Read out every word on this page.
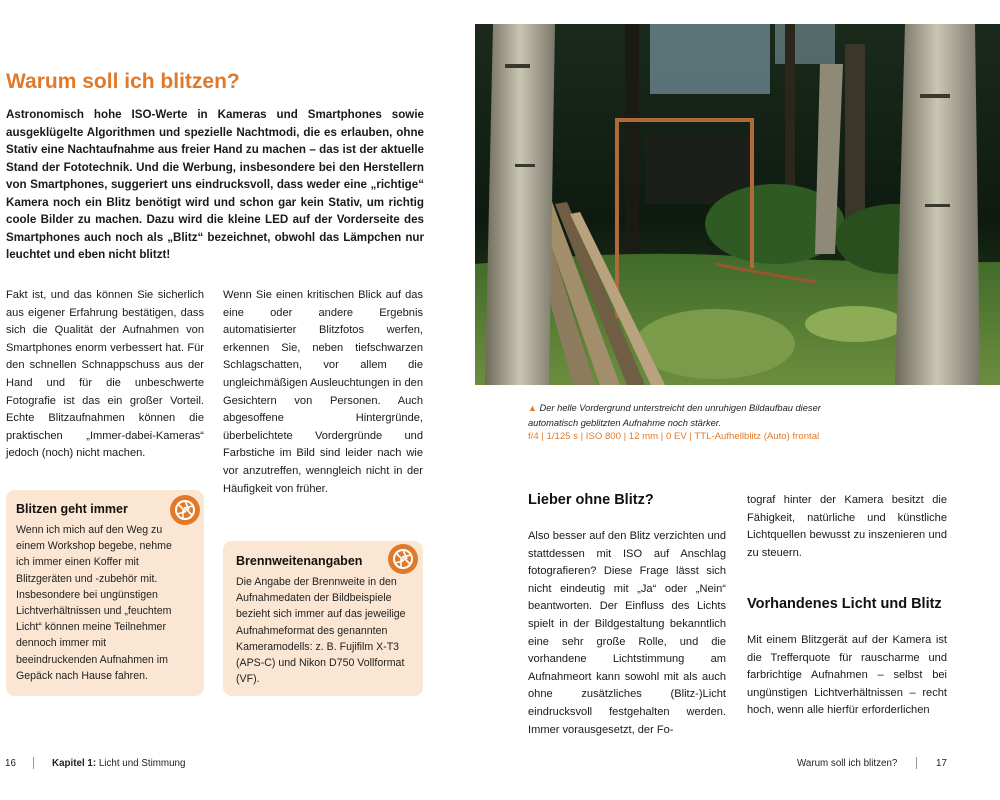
Warum soll ich blitzen?

Astronomisch hohe ISO-Werte in Kameras und Smartphones sowie ausgeklügelte Algorithmen und spezielle Nachtmodi, die es erlauben, ohne Stativ eine Nachtaufnahme aus freier Hand zu machen – das ist der aktuelle Stand der Fototechnik. Und die Werbung, insbesondere bei den Herstellern von Smartphones, suggeriert uns eindrucksvoll, dass weder eine „richtige“ Kamera noch ein Blitz benötigt wird und schon gar kein Stativ, um richtig coole Bilder zu machen. Dazu wird die kleine LED auf der Vorderseite des Smartphones auch noch als „Blitz“ bezeichnet, obwohl das Lämpchen nur leuchtet und eben nicht blitzt!

Fakt ist, und das können Sie sicherlich aus eigener Erfahrung bestätigen, dass sich die Qualität der Aufnahmen von Smartphones enorm verbessert hat. Für den schnellen Schnappschuss aus der Hand und für die unbeschwerte Fotografie ist das ein großer Vorteil. Echte Blitzaufnahmen können die praktischen „Immer-dabei-Kameras“ jedoch (noch) nicht machen.

Wenn Sie einen kritischen Blick auf das eine oder andere Ergebnis automatisierter Blitzfotos werfen, erkennen Sie, neben tiefschwarzen Schlagschatten, vor allem die ungleichmäßigen Ausleuchtungen in den Gesichtern von Personen. Auch abgesoffene Hintergründe, überbelichtete Vordergründe und Farbstiche im Bild sind leider nach wie vor anzutreffen, wenngleich nicht in der Häufigkeit von früher.

Blitzen geht immer

Wenn ich mich auf den Weg zu einem Workshop begebe, nehme ich immer einen Koffer mit Blitzgeräten und -zubehör mit. Insbesondere bei ungünstigen Lichtverhältnissen und „feuchtem Licht“ können meine Teilnehmer dennoch immer mit beeindruckenden Aufnahmen im Gepäck nach Hause fahren.

Brennweitenangaben

Die Angabe der Brennweite in den Aufnahmedaten der Bildbeispiele bezieht sich immer auf das jeweilige Aufnahmeformat des genannten Kameramodells: z. B. Fujifilm X-T3 (APS-C) und Nikon D750 Vollformat (VF).

▲ Der helle Vordergrund unterstreicht den unruhigen Bildaufbau dieser automatisch geblitzten Aufnahme noch stärker.

f/4 | 1/125 s | ISO 800 | 12 mm | 0 EV | TTL-Aufhellblitz (Auto) frontal

Lieber ohne Blitz?

Also besser auf den Blitz verzichten und stattdessen mit ISO auf Anschlag fotografieren? Diese Frage lässt sich nicht eindeutig mit „Ja“ oder „Nein“ beantworten. Der Einfluss des Lichts spielt in der Bildgestaltung bekanntlich eine sehr große Rolle, und die vorhandene Lichtstimmung am Aufnahmeort kann sowohl mit als auch ohne zusätzliches (Blitz-)Licht eindrucksvoll festgehalten werden. Immer vorausgesetzt, der Fo-

tograf hinter der Kamera besitzt die Fähigkeit, natürliche und künstliche Lichtquellen bewusst zu inszenieren und zu steuern.

Vorhandenes Licht und Blitz

Mit einem Blitzgerät auf der Kamera ist die Trefferquote für rauscharme und farbrichtige Aufnahmen – selbst bei ungünstigen Lichtverhältnissen – recht hoch, wenn alle hierfür erforderlichen

16	Kapitel 1: Licht und Stimmung	Warum soll ich blitzen?	17
